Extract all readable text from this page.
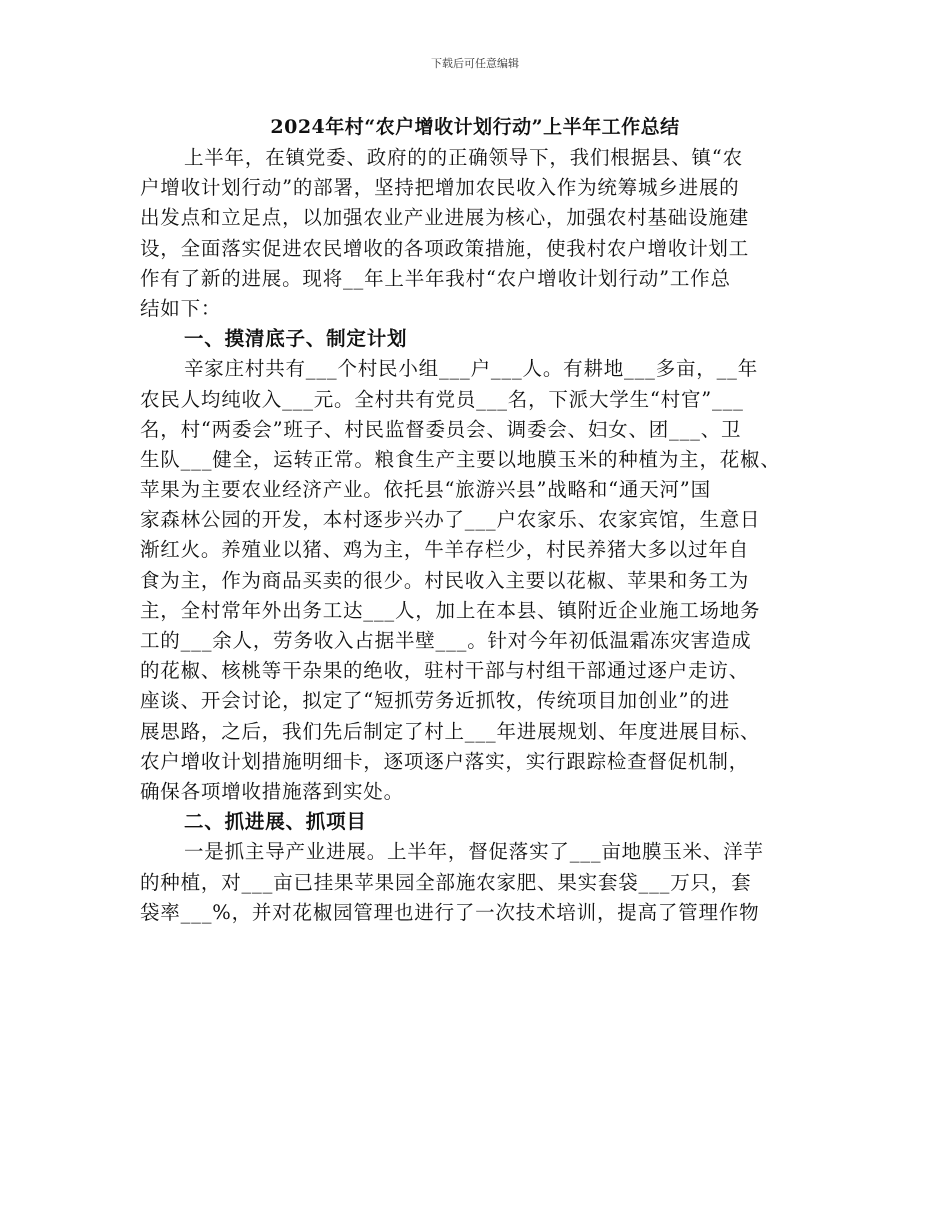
下载后可任意编辑
2024年村“农户增收计划行动”上半年工作总结
上半年，在镇党委、政府的的正确领导下，我们根据县、镇“农
户增收计划行动”的部署，坚持把增加农民收入作为统筹城乡进展的
出发点和立足点，以加强农业产业进展为核心，加强农村基础设施建
设，全面落实促进农民增收的各项政策措施，使我村农户增收计划工
作有了新的进展。现将__年上半年我村“农户增收计划行动”工作总
结如下：
一、摸清底子、制定计划
辛家庄村共有___个村民小组___户___人。有耕地___多亩，__年
农民人均纯收入___元。全村共有党员___名，下派大学生“村官”___
名，村“两委会”班子、村民监督委员会、调委会、妇女、团___、卫
生队___健全，运转正常。粮食生产主要以地膜玉米的种植为主，花椒、
苹果为主要农业经济产业。依托县“旅游兴县”战略和“通天河”国
家森林公园的开发，本村逐步兴办了___户农家乐、农家宾馆，生意日
渐红火。养殖业以猪、鸡为主，牛羊存栏少，村民养猪大多以过年自
食为主，作为商品买卖的很少。村民收入主要以花椒、苹果和务工为
主，全村常年外出务工达___人，加上在本县、镇附近企业施工场地务
工的___余人，劳务收入占据半壁___。针对今年初低温霜冻灾害造成
的花椒、核桃等干杂果的绝收，驻村干部与村组干部通过逐户走访、
座谈、开会讨论，拟定了“短抓劳务近抓牧，传统项目加创业”的进
展思路，之后，我们先后制定了村上___年进展规划、年度进展目标、
农户增收计划措施明细卡，逐项逐户落实，实行跟踪检查督促机制，
确保各项增收措施落到实处。
二、抓进展、抓项目
一是抓主导产业进展。上半年，督促落实了___亩地膜玉米、洋芋
的种植，对___亩已挂果苹果园全部施农家肥、果实套袋___万只，套
袋率___%，并对花椒园管理也进行了一次技术培训，提高了管理作物
